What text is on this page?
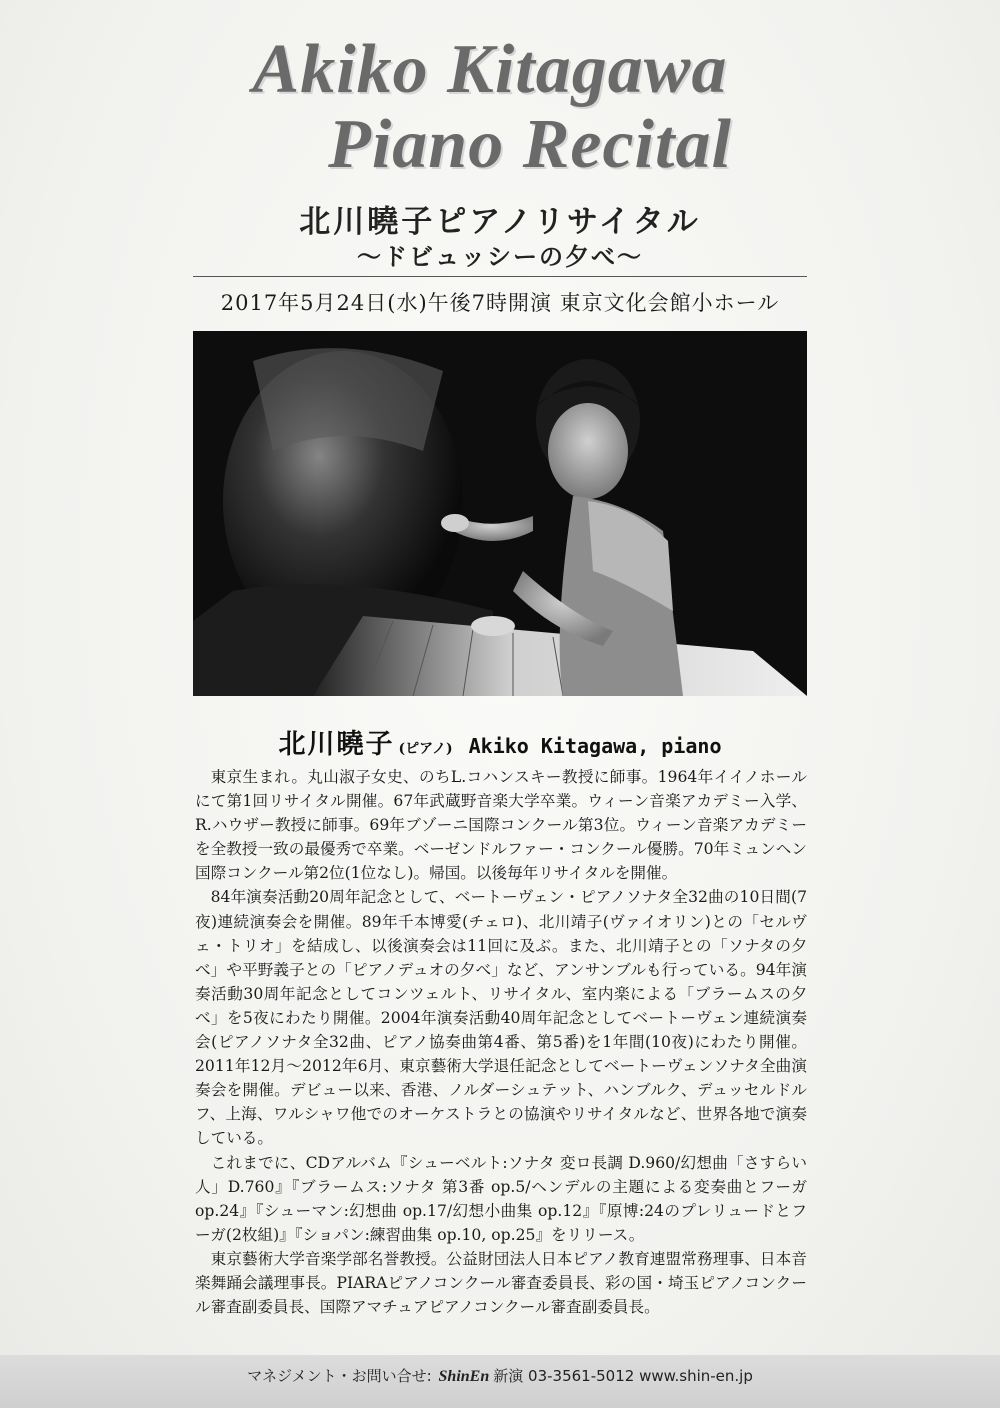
Akiko Kitagawa
Piano Recital
北川曉子ピアノリサイタル
〜ドビュッシーの夕べ〜
2017年5月24日(水)午後7時開演 東京文化会館小ホール
北川曉子 (ピアノ) Akiko Kitagawa, piano

東京生まれ。丸山淑子女史、のちL.コハンスキー教授に師事。1964年イイノホールにて第1回リサイタル開催。67年武蔵野音楽大学卒業。ウィーン音楽アカデミー入学、R.ハウザー教授に師事。69年ブゾーニ国際コンクール第3位。ウィーン音楽アカデミーを全教授一致の最優秀で卒業。ベーゼンドルファー・コンクール優勝。70年ミュンヘン国際コンクール第2位(1位なし)。帰国。以後毎年リサイタルを開催。

84年演奏活動20周年記念として、ベートーヴェン・ピアノソナタ全32曲の10日間(7夜)連続演奏会を開催。89年千本博愛(チェロ)、北川靖子(ヴァイオリン)との「セルヴェ・トリオ」を結成し、以後演奏会は11回に及ぶ。また、北川靖子との「ソナタの夕べ」や平野義子との「ピアノデュオの夕べ」など、アンサンブルも行っている。94年演奏活動30周年記念としてコンツェルト、リサイタル、室内楽による「ブラームスの夕べ」を5夜にわたり開催。2004年演奏活動40周年記念としてベートーヴェン連続演奏会(ピアノソナタ全32曲、ピアノ協奏曲第4番、第5番)を1年間(10夜)にわたり開催。2011年12月〜2012年6月、東京藝術大学退任記念としてベートーヴェンソナタ全曲演奏会を開催。デビュー以来、香港、ノルダーシュテット、ハンブルク、デュッセルドルフ、上海、ワルシャワ他でのオーケストラとの協演やリサイタルなど、世界各地で演奏している。

これまでに、CDアルバム『シューベルト:ソナタ 変ロ長調 D.960/幻想曲「さすらい人」D.760』『ブラームス:ソナタ 第3番 op.5/ヘンデルの主題による変奏曲とフーガ op.24』『シューマン:幻想曲 op.17/幻想小曲集 op.12』『原博:24のプレリュードとフーガ(2枚組)』『ショパン:練習曲集 op.10, op.25』をリリース。

東京藝術大学音楽学部名誉教授。公益財団法人日本ピアノ教育連盟常務理事、日本音楽舞踊会議理事長。PIARAピアノコンクール審査委員長、彩の国・埼玉ピアノコンクール審査副委員長、国際アマチュアピアノコンクール審査副委員長。

マネジメント・お問い合せ: ShinEn 新演 03-3561-5012 www.shin-en.jp
